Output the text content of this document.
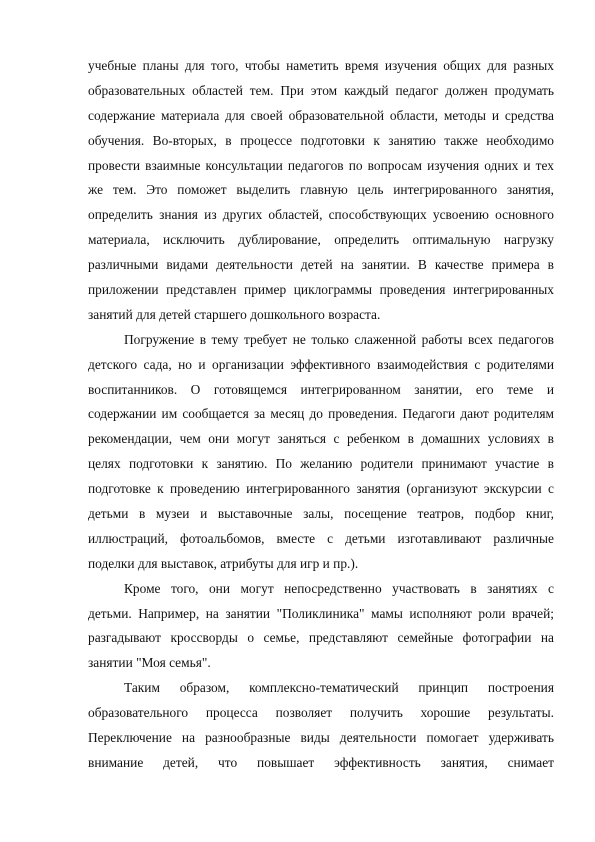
учебные планы для того, чтобы наметить время изучения общих для разных
образовательных областей тем. При этом каждый педагог должен продумать
содержание материала для своей образовательной области, методы и средства
обучения. Во-вторых, в процессе подготовки к занятию также необходимо
провести взаимные консультации педагогов по вопросам изучения одних и тех
же тем. Это поможет выделить главную цель интегрированного занятия,
определить знания из других областей, способствующих усвоению основного
материала, исключить дублирование, определить оптимальную нагрузку
различными видами деятельности детей на занятии. В качестве примера в
приложении представлен пример циклограммы проведения интегрированных
занятий для детей старшего дошкольного возраста.
Погружение в тему требует не только слаженной работы всех педагогов
детского сада, но и организации эффективного взаимодействия с родителями
воспитанников. О готовящемся интегрированном занятии, его теме и
содержании им сообщается за месяц до проведения. Педагоги дают родителям
рекомендации, чем они могут заняться с ребенком в домашних условиях в
целях подготовки к занятию. По желанию родители принимают участие в
подготовке к проведению интегрированного занятия (организуют экскурсии с
детьми в музеи и выставочные залы, посещение театров, подбор книг,
иллюстраций, фотоальбомов, вместе с детьми изготавливают различные
поделки для выставок, атрибуты для игр и пр.).
Кроме того, они могут непосредственно участвовать в занятиях с
детьми. Например, на занятии "Поликлиника" мамы исполняют роли врачей;
разгадывают кроссворды о семье, представляют семейные фотографии на
занятии "Моя семья".
Таким образом, комплексно-тематический принцип построения
образовательного процесса позволяет получить хорошие результаты.
Переключение на разнообразные виды деятельности помогает удерживать
внимание детей, что повышает эффективность занятия, снимает
